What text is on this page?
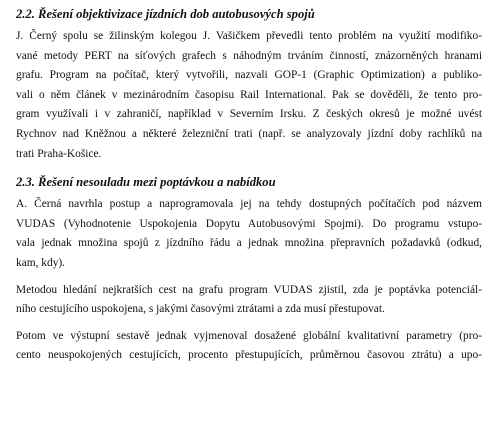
2.2. Řešení objektivizace jízdních dob autobusových spojů

J. Černý spolu se žilinským kolegou J. Vašičkem převedli tento problém na využití modifiko-
vané metody PERT na síťových grafech s náhodným trváním činností, znázorněných hranami
grafu. Program na počítač, který vytvořili, nazvali GOP-1 (Graphic Optimization) a publiko-
vali o něm článek v mezinárodním časopisu Rail International. Pak se dověděli, že tento pro-
gram využívali i v zahraničí, například v Severním Irsku. Z českých okresů je možné uvést
Rychnov nad Kněžnou a některé železniční trati (např. se analyzovaly jízdní doby rachlíků na
trati Praha-Košice.

2.3. Řešení nesouladu mezi poptávkou a nabídkou

A. Černá navrhla postup a naprogramovala jej na tehdy dostupných počítačích pod názvem
VUDAS (Vyhodnotenie Uspokojenia Dopytu Autobusovými Spojmi). Do programu vstupo-
vala jednak množina spojů z jízdního řádu a jednak množina přepravních požadavků (odkud,
kam, kdy).

Metodou hledání nejkratších cest na grafu program VUDAS zjistil, zda je poptávka potenciál-
ního cestujícího uspokojena, s jakými časovými ztrátami a zda musí přestupovat.

Potom ve výstupní sestavě jednak vyjmenoval dosažené globální kvalitativní parametry (pro-
cento neuspokojených cestujících, procento přestupujících, průměrnou časovou ztrátu) a upo-
